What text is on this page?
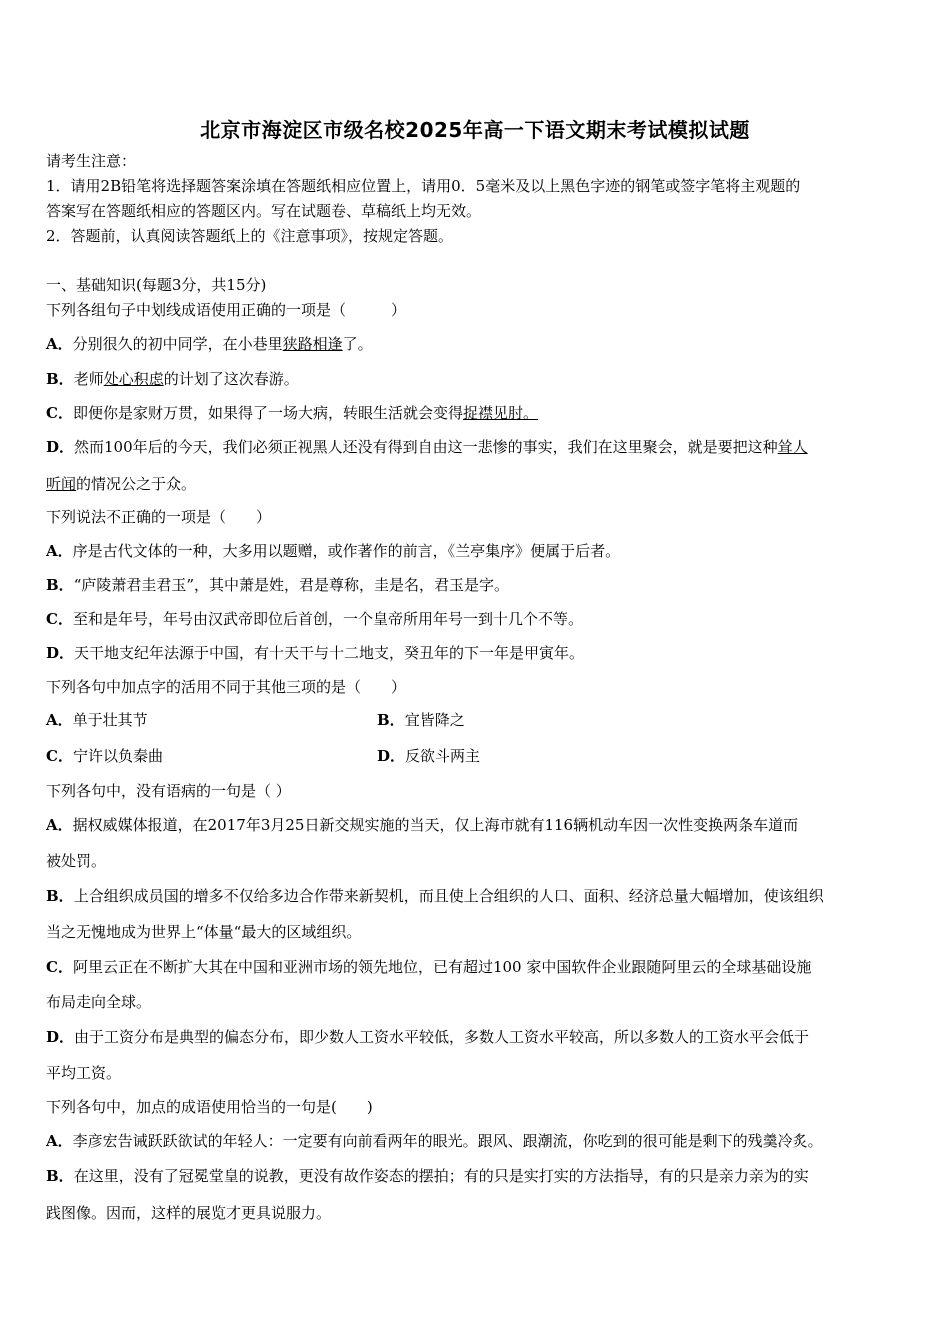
北京市海淀区市级名校2025年高一下语文期末考试模拟试题
请考生注意：
1．请用2B铅笔将选择题答案涂填在答题纸相应位置上，请用0．5毫米及以上黑色字迹的钢笔或签字笔将主观题的
答案写在答题纸相应的答题区内。写在试题卷、草稿纸上均无效。
2．答题前，认真阅读答题纸上的《注意事项》，按规定答题。
一、基础知识(每题3分，共15分)
下列各组句子中划线成语使用正确的一项是（　　　）
A．分别很久的初中同学，在小巷里狭路相逢了。
B．老师处心积虑的计划了这次春游。
C．即便你是家财万贯，如果得了一场大病，转眼生活就会变得捉襟见肘。
D．然而100年后的今天，我们必须正视黑人还没有得到自由这一悲惨的事实，我们在这里聚会，就是要把这种耸人
听闻的情况公之于众。
下列说法不正确的一项是（　　）
A．序是古代文体的一种，大多用以题赠，或作著作的前言，《兰亭集序》便属于后者。
B．“庐陵萧君圭君玉”，其中萧是姓，君是尊称，圭是名，君玉是字。
C．至和是年号，年号由汉武帝即位后首创，一个皇帝所用年号一到十几个不等。
D．天干地支纪年法源于中国，有十天干与十二地支，癸丑年的下一年是甲寅年。
下列各句中加点字的活用不同于其他三项的是（　　）
A．单于壮其节	B．宜皆降之
C．宁许以负秦曲	D．反欲斗两主
下列各句中，没有语病的一句是（ ）
A．据权威媒体报道，在2017年3月25日新交规实施的当天，仅上海市就有116辆机动车因一次性变换两条车道而
被处罚。
B．上合组织成员国的增多不仅给多边合作带来新契机，而且使上合组织的人口、面积、经济总量大幅增加，使该组织
当之无愧地成为世界上“体量“最大的区域组织。
C．阿里云正在不断扩大其在中国和亚洲市场的领先地位，已有超过100 家中国软件企业跟随阿里云的全球基础设施
布局走向全球。
D．由于工资分布是典型的偏态分布，即少数人工资水平较低，多数人工资水平较高，所以多数人的工资水平会低于
平均工资。
下列各句中，加点的成语使用恰当的一句是(　　)
A．李彦宏告诫跃跃欲试的年轻人：一定要有向前看两年的眼光。跟风、跟潮流，你吃到的很可能是剩下的残羹冷炙。
B．在这里，没有了冠冕堂皇的说教，更没有故作姿态的摆拍；有的只是实打实的方法指导，有的只是亲力亲为的实
践图像。因而，这样的展览才更具说服力。
